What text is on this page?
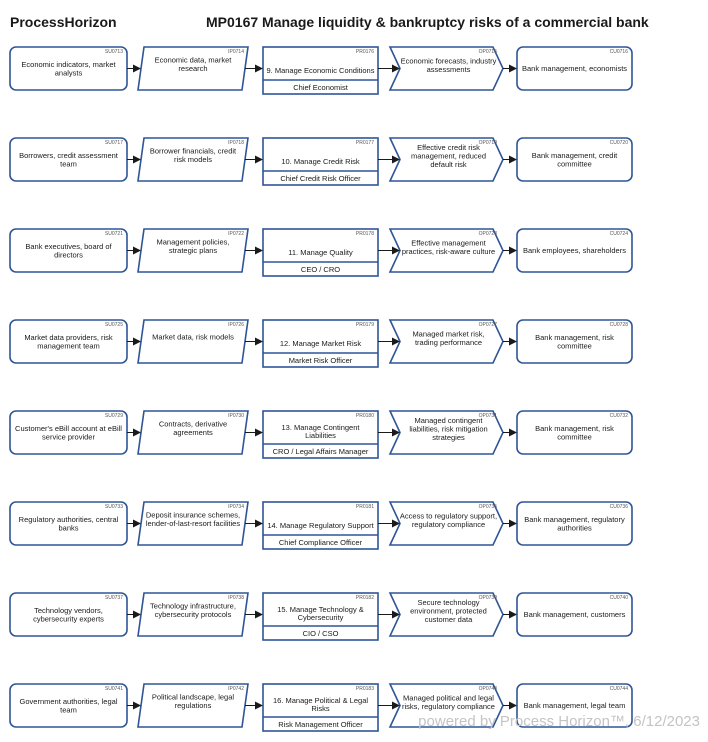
ProcessHorizon	MP0167 Manage liquidity & bankruptcy risks of a commercial bank
SU0713
Economic indicators, market
analysts
IP0714
Economic data, market
research
PR0176
9. Manage Economic Conditions
Chief Economist
OP0715
Economic forecasts, industry
assessments
CU0716
Bank management, economists
SU0717
Borrowers, credit assessment
team
IP0718
Borrower financials, credit
risk models
PR0177
10. Manage Credit Risk
Chief Credit Risk Officer
OP0719
Effective credit risk
management, reduced
default risk
CU0720
Bank management, credit
committee
SU0721
Bank executives, board of
directors
IP0722
Management policies,
strategic plans
PR0178
11. Manage Quality
CEO / CRO
OP0723
Effective management
practices, risk-aware culture
CU0724
Bank employees, shareholders
SU0725
Market data providers, risk
management team
IP0726
Market data, risk models
PR0179
12. Manage Market Risk
Market Risk Officer
OP0727
Managed market risk,
trading performance
CU0728
Bank management, risk
committee
SU0729
Customer's eBill account at eBill
service provider
IP0730
Contracts, derivative
agreements
PR0180
13. Manage Contingent
Liabilities
CRO / Legal Affairs Manager
OP0731
Managed contingent
liabilities, risk mitigation
strategies
CU0732
Bank management, risk
committee
SU0733
Regulatory authorities, central
banks
IP0734
Deposit insurance schemes,
lender-of-last-resort facilities
PR0181
14. Manage Regulatory Support
Chief Compliance Officer
OP0735
Access to regulatory support,
regulatory compliance
CU0736
Bank management, regulatory
authorities
SU0737
Technology vendors,
cybersecurity experts
IP0738
Technology infrastructure,
cybersecurity protocols
PR0182
15. Manage Technology &
Cybersecurity
CIO / CSO
OP0739
Secure technology
environment, protected
customer data
CU0740
Bank management, customers
SU0741
Government authorities, legal
team
IP0742
Political landscape, legal
regulations
PR0183
16. Manage Political & Legal
Risks
Risk Management Officer
OP0743
Managed political and legal
risks, regulatory compliance
CU0744
Bank management, legal team
powered by Process Horizon™, 6/12/2023
